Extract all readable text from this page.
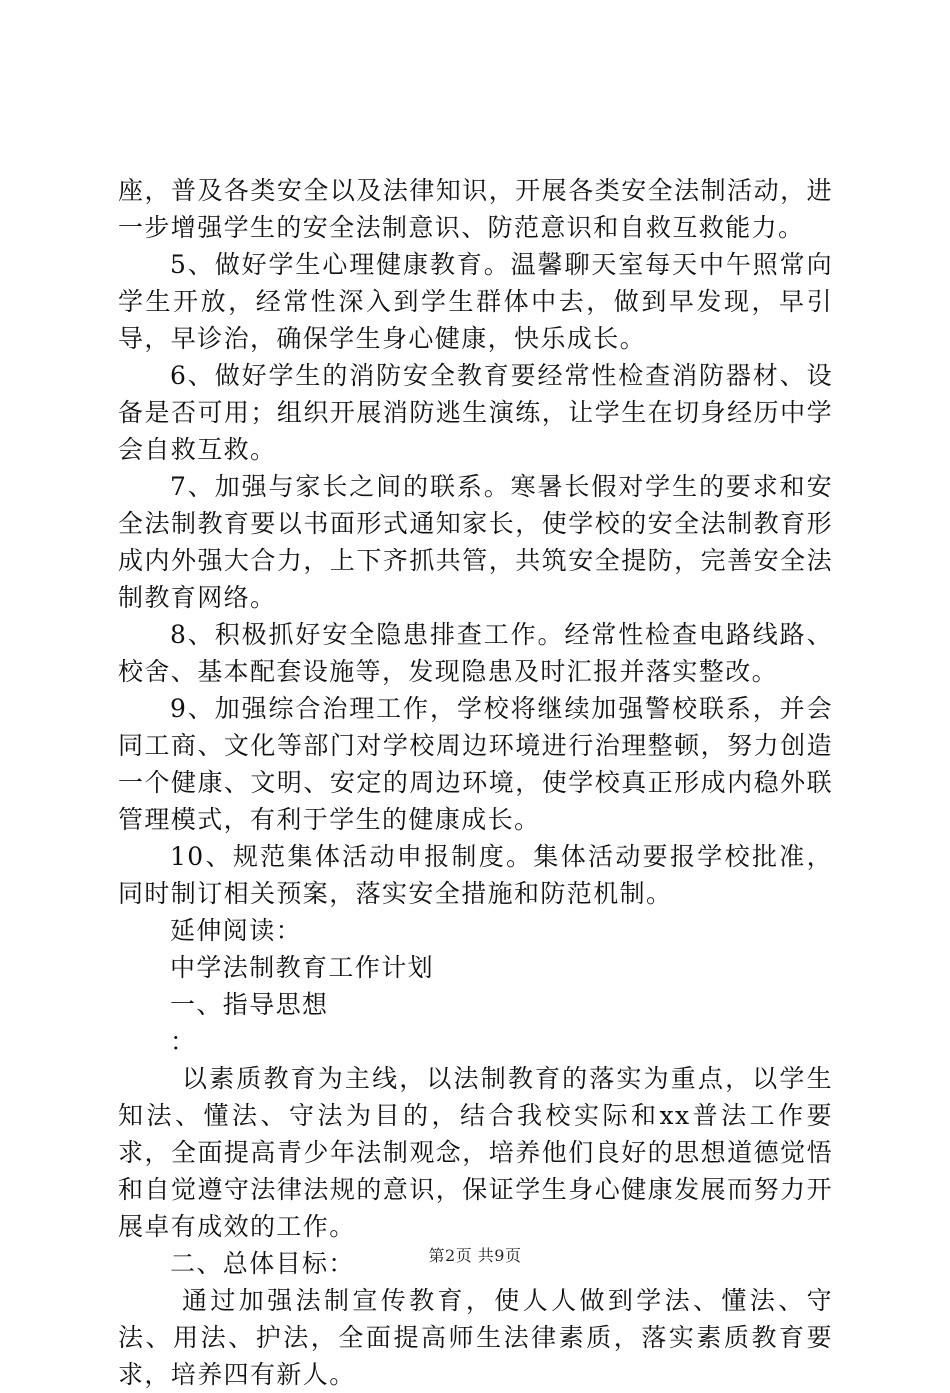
座，普及各类安全以及法律知识，开展各类安全法制活动，进一步增强学生的安全法制意识、防范意识和自救互救能力。

5、做好学生心理健康教育。温馨聊天室每天中午照常向学生开放，经常性深入到学生群体中去，做到早发现，早引导，早诊治，确保学生身心健康，快乐成长。

6、做好学生的消防安全教育要经常性检查消防器材、设备是否可用；组织开展消防逃生演练，让学生在切身经历中学会自救互救。

7、加强与家长之间的联系。寒暑长假对学生的要求和安全法制教育要以书面形式通知家长，使学校的安全法制教育形成内外强大合力，上下齐抓共管，共筑安全提防，完善安全法制教育网络。

8、积极抓好安全隐患排查工作。经常性检查电路线路、校舍、基本配套设施等，发现隐患及时汇报并落实整改。

9、加强综合治理工作，学校将继续加强警校联系，并会同工商、文化等部门对学校周边环境进行治理整顿，努力创造一个健康、文明、安定的周边环境，使学校真正形成内稳外联管理模式，有利于学生的健康成长。

10、规范集体活动申报制度。集体活动要报学校批准，同时制订相关预案，落实安全措施和防范机制。

延伸阅读：

中学法制教育工作计划

一、指导思想

：

以素质教育为主线，以法制教育的落实为重点，以学生知法、懂法、守法为目的，结合我校实际和xx普法工作要求，全面提高青少年法制观念，培养他们良好的思想道德觉悟和自觉遵守法律法规的意识，保证学生身心健康发展而努力开展卓有成效的工作。

二、总体目标：

通过加强法制宣传教育，使人人做到学法、懂法、守法、用法、护法，全面提高师生法律素质，落实素质教育要求，培养四有新人。

第2页 共9页
